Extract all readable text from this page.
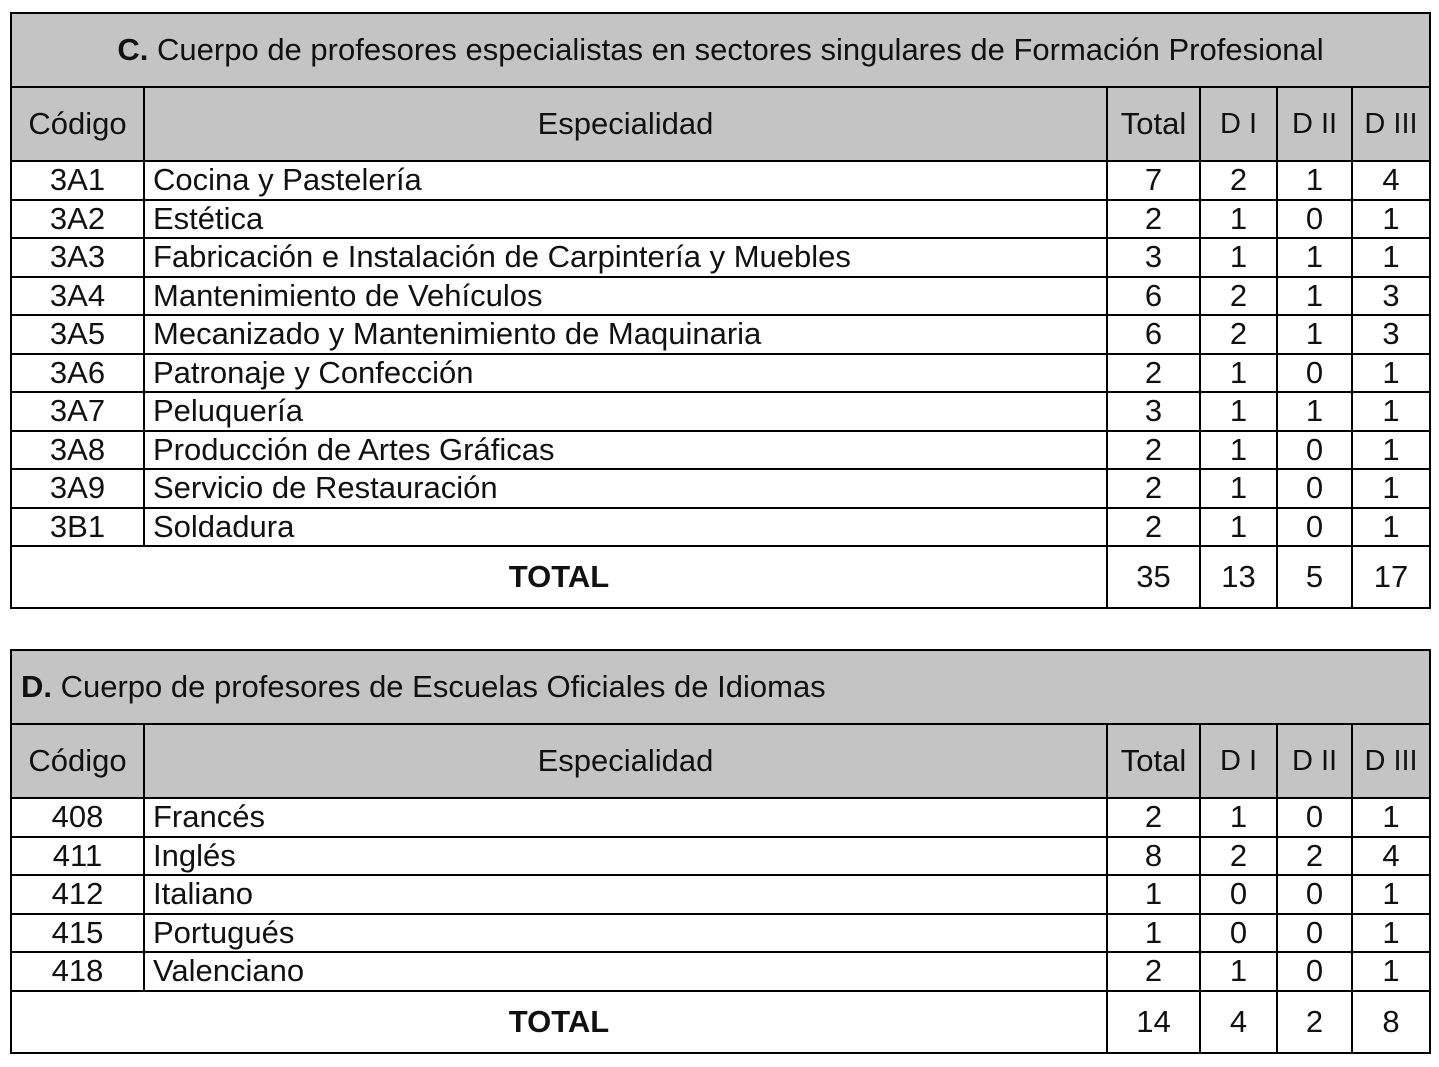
C. Cuerpo de profesores especialistas en sectores singulares de Formación Profesional					
Código	Especialidad	Total	D I	D II	D III
3A1	Cocina y Pastelería	7	2	1	4
3A2	Estética	2	1	0	1
3A3	Fabricación e Instalación de Carpintería y Muebles	3	1	1	1
3A4	Mantenimiento de Vehículos	6	2	1	3
3A5	Mecanizado y Mantenimiento de Maquinaria	6	2	1	3
3A6	Patronaje y Confección	2	1	0	1
3A7	Peluquería	3	1	1	1
3A8	Producción de Artes Gráficas	2	1	0	1
3A9	Servicio de Restauración	2	1	0	1
3B1	Soldadura	2	1	0	1
TOTAL		35	13	5	17
D. Cuerpo de profesores de Escuelas Oficiales de Idiomas					
Código	Especialidad	Total	D I	D II	D III
408	Francés	2	1	0	1
411	Inglés	8	2	2	4
412	Italiano	1	0	0	1
415	Portugués	1	0	0	1
418	Valenciano	2	1	0	1
TOTAL		14	4	2	8
